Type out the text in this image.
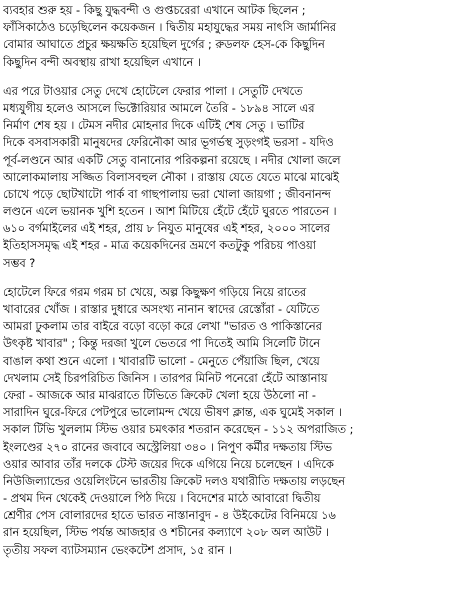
ব্যবহার শুরু হয় - কিছু যুদ্ধবন্দী ও গুপ্তচরেরা এখানে আটক ছিলেন ;
ফাঁসিকাঠেও চড়েছিলেন কয়েকজন । দ্বিতীয় মহাযুদ্ধের সময় নাৎসি জার্মানির
বোমার আঘাতে প্রচুর ক্ষয়ক্ষতি হয়েছিল দুর্গের ; রুডলফ হেস-কে কিছুদিন
কিছুদিন বন্দী অবস্থায় রাখা হয়েছিল এখানে ।
এর পরে টাওয়ার সেতু দেখে হোটেলে ফেরার পালা । সেতুটি দেখতে
মধ্যযুগীয় হলেও আসলে ভিক্টোরিয়ার আমলে তৈরি - ১৮৯৪ সালে এর
নির্মাণ শেষ হয় । টেমস নদীর মোহনার দিকে এটিই শেষ সেতু । ভাটির
দিকে বসবাসকারী মানুষদের ফেরিনৌকা আর ভূগর্ভস্থ সুড়ংগই ভরসা - যদিও
পূর্ব-লণ্ডনে আর একটি সেতু বানানোর পরিকল্পনা রয়েছে । নদীর খোলা জলে
আলোকমালায় সজ্জিত বিলাসবহুল নৌকা । রাস্তায় যেতে যেতে মাঝে মাঝেই
চোখে পড়ে ছোটখাটো পার্ক বা গাছপালায় ভরা খোলা জায়গা ; জীবনানন্দ
লণ্ডনে এলে ভয়ানক খুশি হতেন । আশ মিটিয়ে হেঁটে হেঁটে ঘুরতে পারতেন ।
৬১০ বর্গমাইলের এই শহর, প্রায় ৮ নিযুত মানুষের এই শহর, ২০০০ সালের
ইতিহাসসমৃদ্ধ এই শহর - মাত্র কয়েকদিনের ভ্রমণে কতটুকু পরিচয় পাওয়া
সম্ভব ?
হোটেলে ফিরে গরম গরম চা খেয়ে, অল্প কিছুক্ষণ গড়িয়ে নিয়ে রাতের
খাবারের খোঁজ । রাস্তার দুধারে অসংখ্য নানান স্বাদের রেস্তোঁরা - যেটিতে
আমরা ঢুকলাম তার বাইরে বড়ো বড়ো করে লেখা "ভারত ও পাকিস্তানের
উৎকৃষ্ট খাবার" ; কিন্তু দরজা খুলে ভেতরে পা দিতেই আমি সিলেটি টানে
বাঙাল কথা শুনে এলো । খাবারটি ভালো - মেনুতে পেঁয়াজি ছিল, খেয়ে
দেখলাম সেই চিরপরিচিত জিনিস । তারপর মিনিট পনেরো হেঁটে আস্তানায়
ফেরা - আজকে আর মাঝরাতে টিভিতে ক্রিকেট খেলা হয়ে উঠলো না -
সারাদিন ঘুরে-ফিরে পেটপুরে ভালোমন্দ খেয়ে ভীষণ ক্লান্ত, এক ঘুমেই সকাল ।
সকাল টিভি খুললাম স্টিভ ওয়ার চমৎকার শতরান করেছেন - ১১২ অপরাজিত ;
ইংলণ্ডের ২৭০ রানের জবাবে অস্ট্রেলিয়া ৩৪০ । নিপুণ কর্মীর দক্ষতায় স্টিভ
ওয়ার আবার তাঁর দলকে টেস্ট জয়ের দিকে এগিয়ে নিয়ে চলেছেন । এদিকে
নিউজিল্যান্ডের ওয়েলিংটনে ভারতীয় ক্রিকেট দলও যথারীতি দক্ষতায় লড়ছেন
- প্রথম দিন থেকেই দেওয়ালে পিঠ দিয়ে । বিদেশের মাঠে আবারো দ্বিতীয়
শ্রেণীর পেস বোলারদের হাতে ভারত নাস্তানাবুদ - ৪ উইকেটের বিনিময়ে ১৬
রান হয়েছিল, স্টিভ পর্যন্ত আজহার ও শচীনের কল্যাণে ২০৮ অল আউট ।
তৃতীয় সফল ব্যাটসম্যান ভেংকটেশ প্রসাদ, ১৫ রান ।
